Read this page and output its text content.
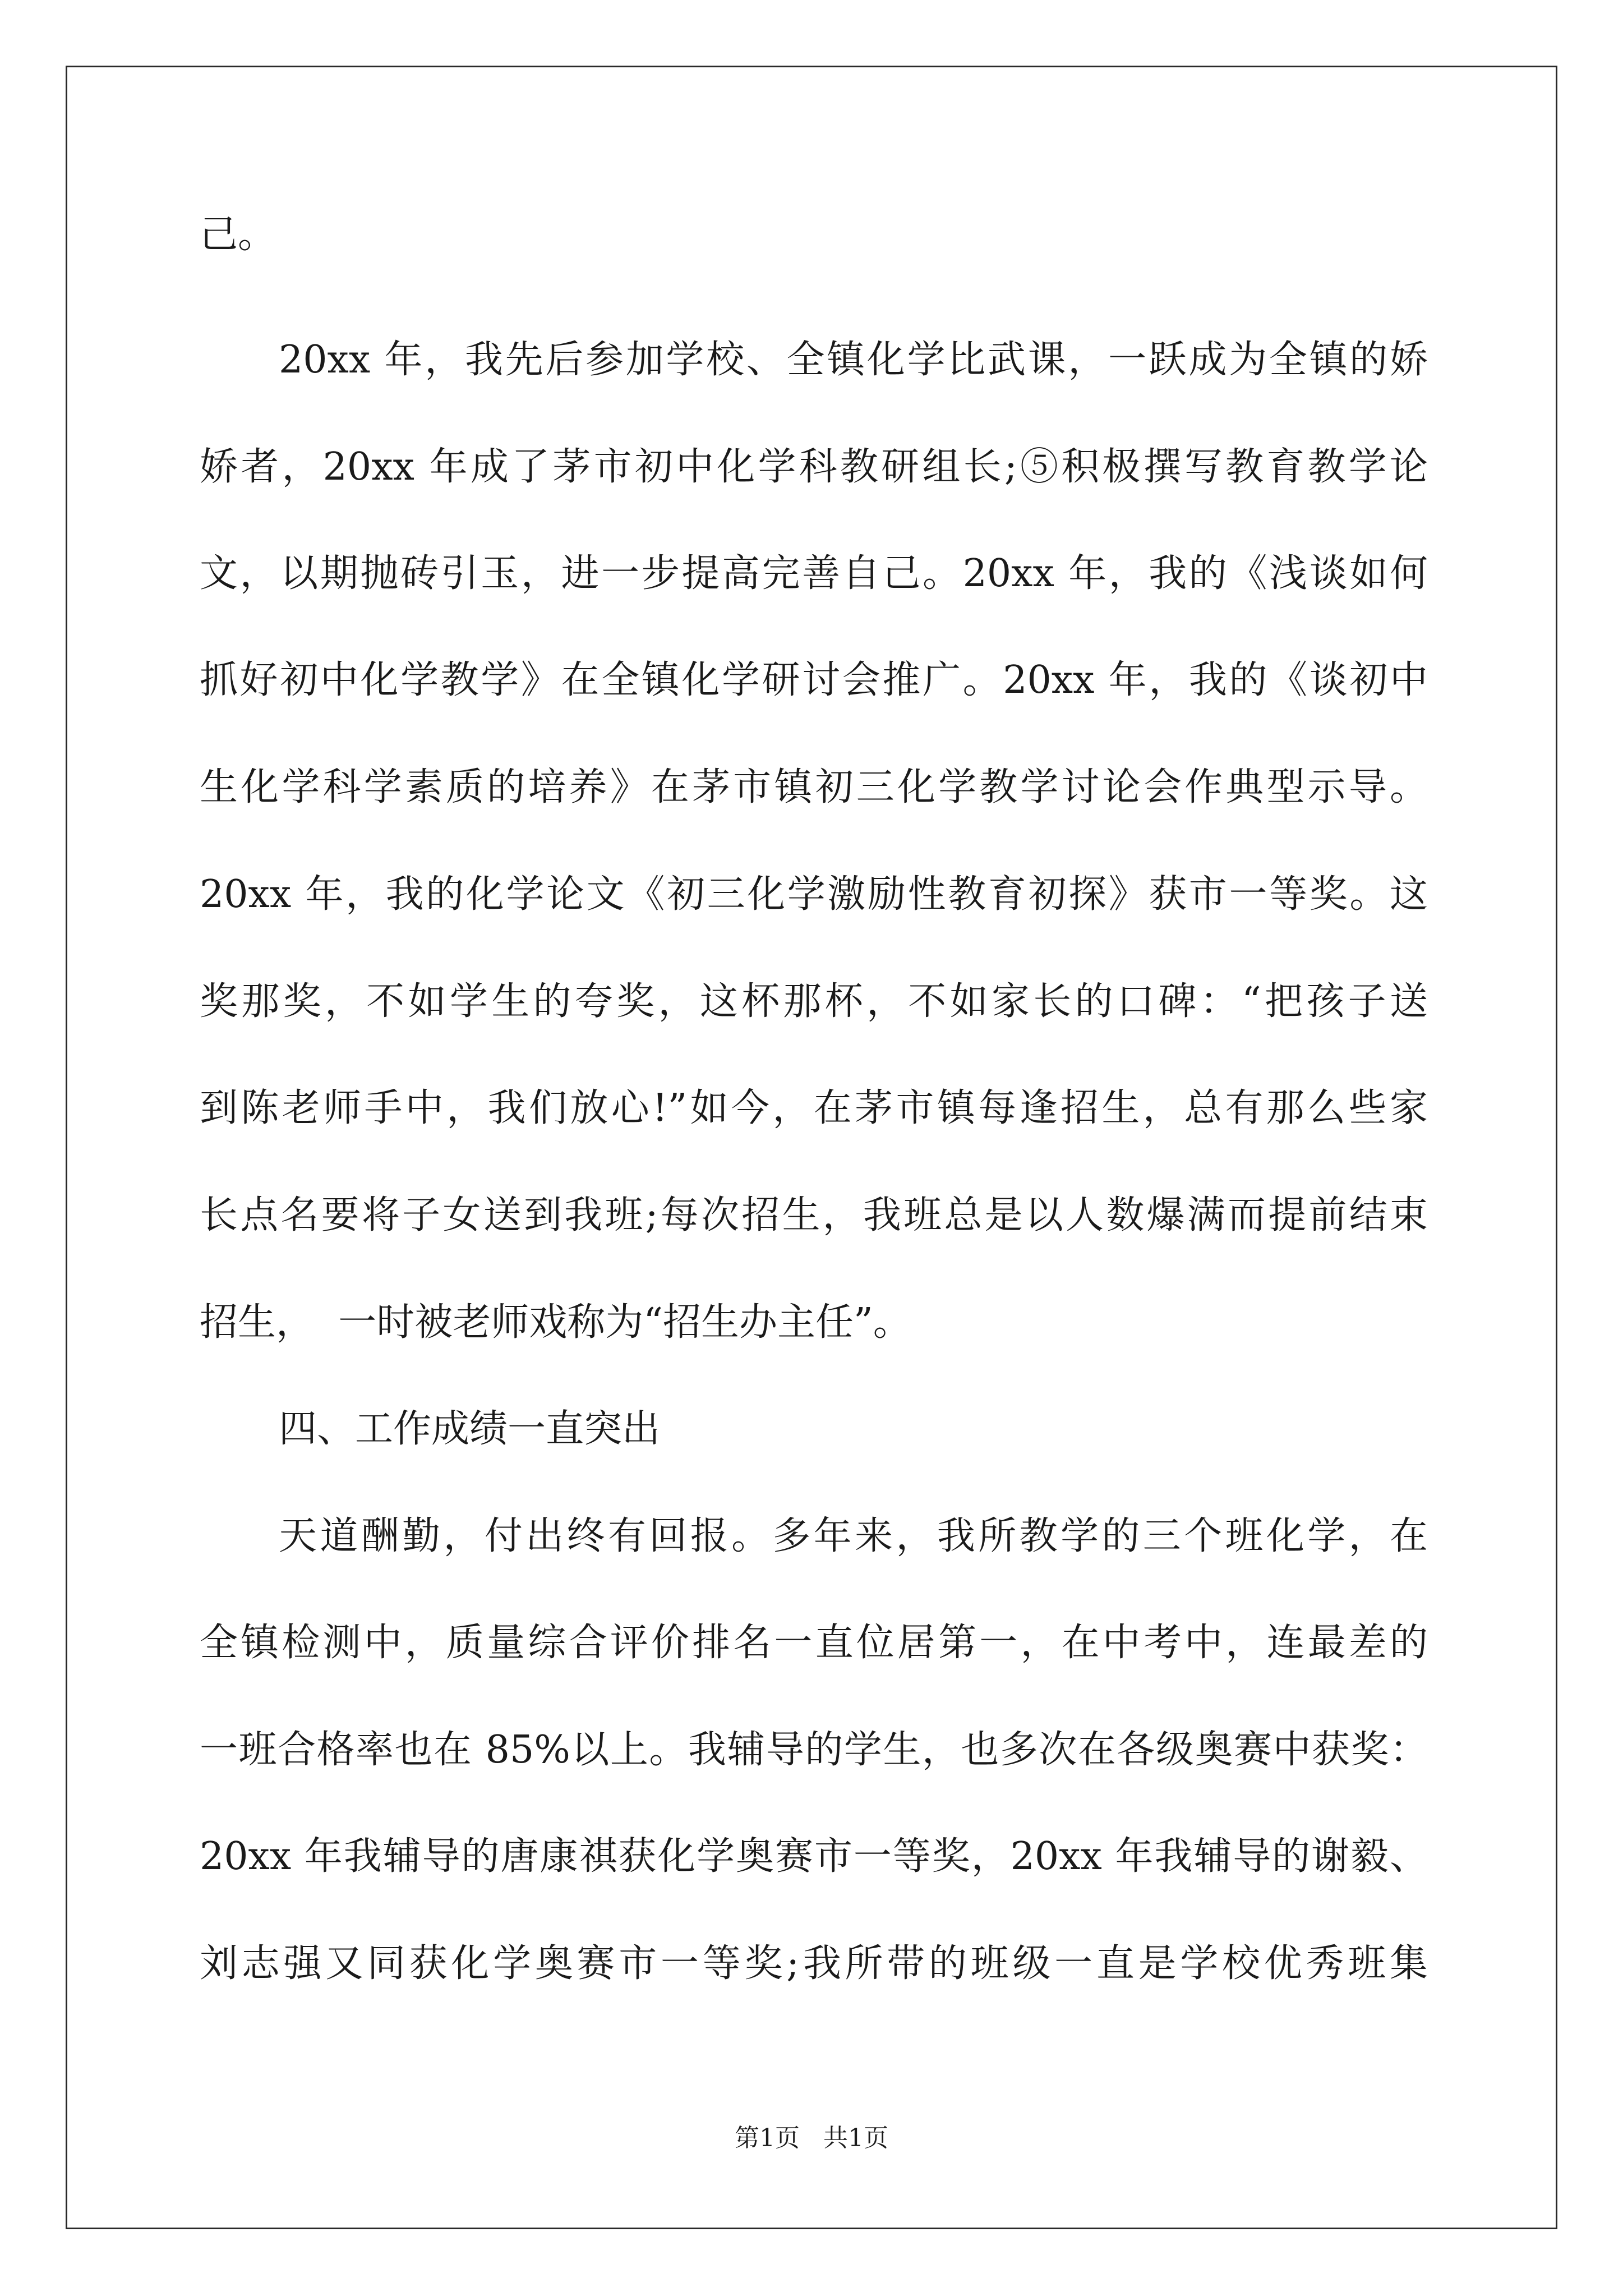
己。
20xx 年，我先后参加学校、全镇化学比武课，一跃成为全镇的娇
娇者，20xx 年成了茅市初中化学科教研组长;⑤积极撰写教育教学论
文，以期抛砖引玉，进一步提高完善自己。20xx 年，我的《浅谈如何
抓好初中化学教学》在全镇化学研讨会推广。20xx 年，我的《谈初中
生化学科学素质的培养》在茅市镇初三化学教学讨论会作典型示导。
20xx 年，我的化学论文《初三化学激励性教育初探》获市一等奖。这
奖那奖，不如学生的夸奖，这杯那杯，不如家长的口碑：“把孩子送
到陈老师手中，我们放心!”如今，在茅市镇每逢招生，总有那么些家
长点名要将子女送到我班;每次招生，我班总是以人数爆满而提前结束
招生，  一时被老师戏称为“招生办主任”。
四、工作成绩一直突出
天道酬勤，付出终有回报。多年来，我所教学的三个班化学，在
全镇检测中，质量综合评价排名一直位居第一，在中考中，连最差的
一班合格率也在 85%以上。我辅导的学生，也多次在各级奥赛中获奖：
20xx 年我辅导的唐康祺获化学奥赛市一等奖，20xx 年我辅导的谢毅、
刘志强又同获化学奥赛市一等奖;我所带的班级一直是学校优秀班集
第1页   共1页
